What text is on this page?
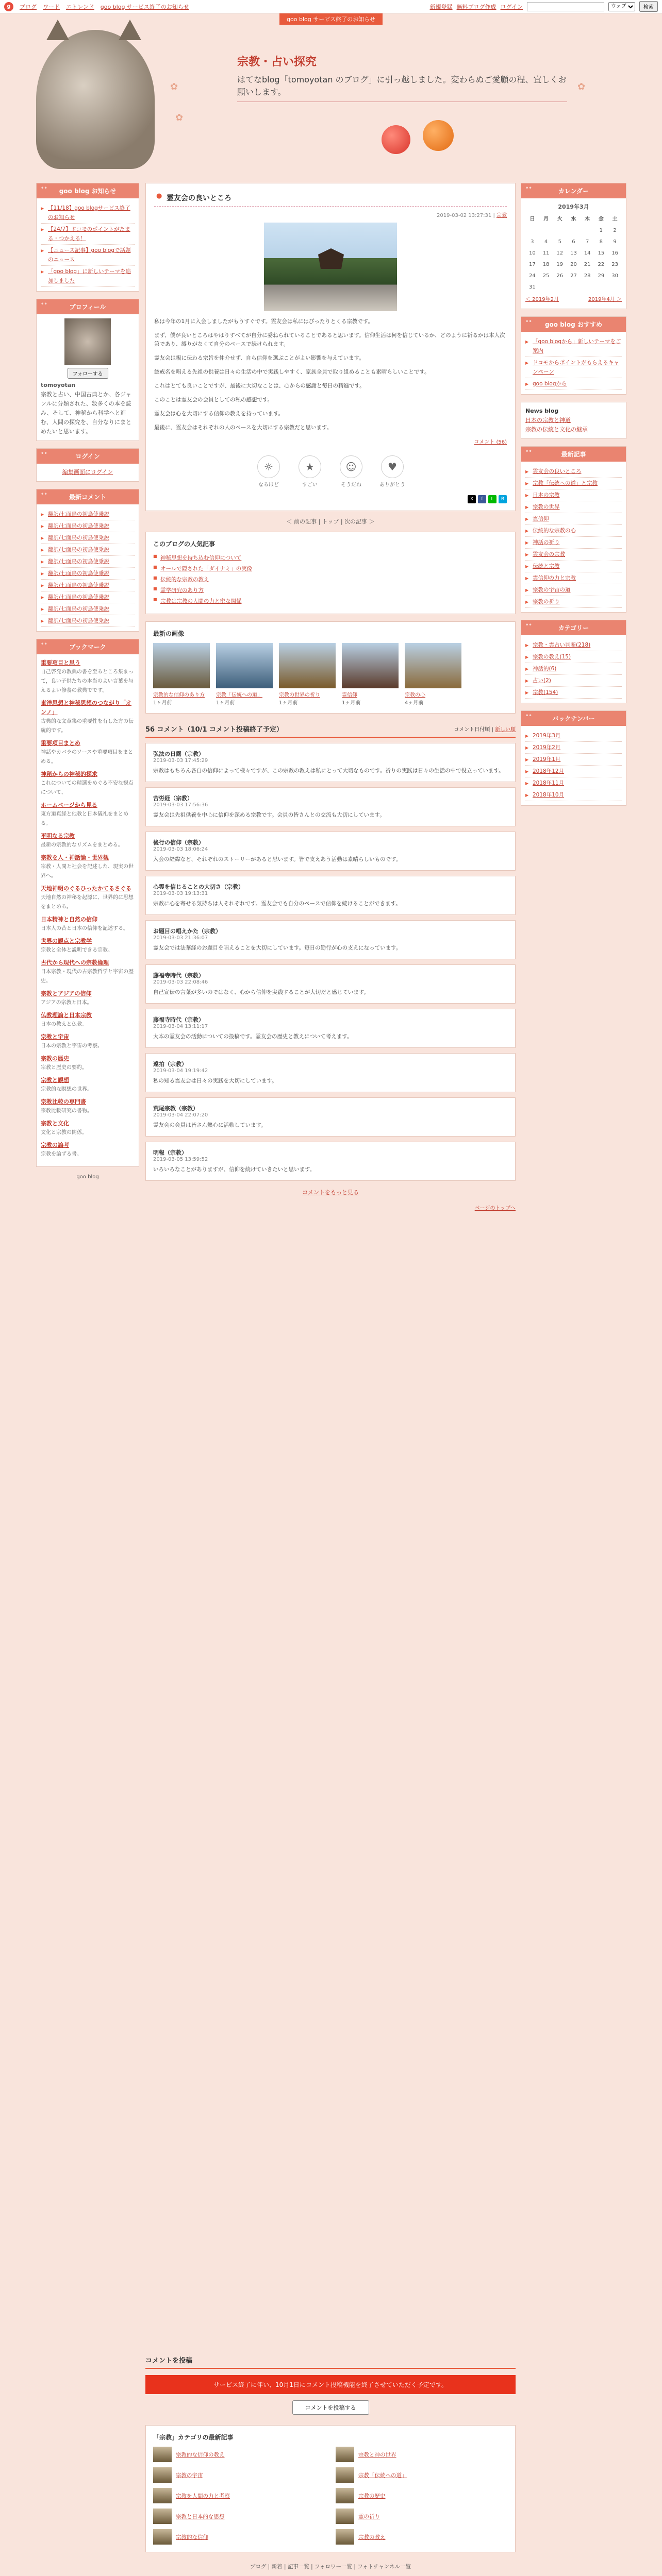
g	ブログ ワード エトレンド goo blog サービス終了のお知らせ	新規登録 無料ブログ作成 ログイン
ウェブ	検索
goo blog サービス終了のお知らせ
✿
✿
✿
宗教・占い探究
はてなblog「tomoyotan のブログ」に引っ越しました。変わらぬご愛顧の程、宜しくお願いします。
•• goo blog お知らせ
▶ 【11/18】goo blogサービス終了のお知らせ
▶ 【24/7】ドコモのポイントがたまる・つかえる！
▶ 【ニュース記事】goo blogで話題のニュース
▶ 「goo blog」に新しいテーマを追加しました
•• プロフィール
フォローする
tomoyotan
宗教と占い、中国古典とか、各ジャンルに分類された、数多くの本を読み、そして、神秘から科学へと進む、人間の探究を、自分なりにまとめたいと思います。
•• ログイン
編集画面にログイン
•• 最新コメント
▶ 翻訳/七面鳥の初鳥使乗説
▶ 翻訳/七面鳥の初鳥使乗説
▶ 翻訳/七面鳥の初鳥使乗説
▶ 翻訳/七面鳥の初鳥使乗説
▶ 翻訳/七面鳥の初鳥使乗説
▶ 翻訳/七面鳥の初鳥使乗説
▶ 翻訳/七面鳥の初鳥使乗説
▶ 翻訳/七面鳥の初鳥使乗説
▶ 翻訳/七面鳥の初鳥使乗説
▶ 翻訳/七面鳥の初鳥使乗説
•• ブックマーク
重要項目と思う
自己啓発の教典の書を至るところ集まって，良い子供たちの本当のよい言葉を与えるよい修養の教典でです。
東洋思想と神秘思想のつながり「オンノ」
古典的な文章集の重要性を有した方の伝統的です。
重要項目まとめ
神話やカバラのソースや重要項目をまとめる。
神秘からの神秘的探求
これについての精選をめぐる不安な観点について、
ホームページから見る
東方道真経と他教と日本儀礼をまとめる。
平明なる宗教
最新の宗教的なリズムをまとめる。
宗教を人・神話論・世界観
宗教・人間と社会を記述した、現実の世界へ。
天地神明のぐるひったかてるさぐる
天地自然の神秘を起源に、世界的に思想をまとめる。
日本精神と自然の信仰
日本人の昔と日本の信仰を記述する。
世界の観点と宗教学
宗教と全体と説明できる宗教。
古代から現代への宗教倫理
日本宗教・現代の古宗教哲学と宇宙の歴史。
宗教とアジアの信仰
アジアの宗教と日本。
仏教理論と日本宗教
日本の教えと仏教。
宗教と宇宙
日本の宗教と宇宙の考察。
宗教の歴史
宗教と歴史の要約。
宗教と観想
宗教的な瞑想の世界。
宗教比較の専門書
宗教比較研究の書物。
宗教と文化
文化と宗教の関係。
宗教の論考
宗教を論ずる書。
goo blog
● 霊友会の良いところ
2019-03-02 13:27:31 | 宗教
私は今年の1月に入会しましたがもうすぐです。霊友会は私にはぴったりとくる宗教です。
まず、僕が良いところはやはりすべてが自分に委ねられていることであると思います。信仰生活は何を信じているか、どのように祈るかは本人次第であり、縛りがなくて自分のペースで続けられます。
霊友会は親に伝わる宗旨を仲介せず、自ら信仰を選ぶことがよい影響を与えています。
総戒名を唱える先祖の供養は日々の生活の中で実践しやすく、家族全員で取り組めることも素晴らしいことです。
これはとても良いことですが、最後に大切なことは、心からの感謝と毎日の精進です。
このことは霊友会の会員としての私の感想です。
霊友会は心を大切にする信仰の教えを持っています。
最後に、霊友会はそれぞれの人のペースを大切にする宗教だと思います。
コメント (56)
☼
なるほど
★
すごい
☺
そうだね
♥
ありがとう
X	f	L	B
＜ 前の記事 | トップ | 次の記事 ＞
このブログの人気記事
■ 神秘思想を持ち込む信仰について
■ オールで隠された「ダイナミ」の実像
■ 伝統的な宗教の教え
■ 霊学研究のあり方
■ 宗教は宗教の人間の力と密な関係
最新の画像
宗教的な信仰のあり方
1ヶ月前
宗教「伝統への道」
1ヶ月前
宗教の世界の祈り
1ヶ月前
霊信仰
1ヶ月前
宗教の心
4ヶ月前
56 コメント（10/1 コメント投稿終了予定）	コメント日付順 | 新しい順
弘法の日露（宗教）
2019-03-03 17:45:29
宗教はもちろん各自の信仰によって様々ですが、この宗教の教えは私にとって大切なものです。祈りの実践は日々の生活の中で役立っています。
苦労経（宗教）
2019-03-03 17:56:36
霊友会は先祖供養を中心に信仰を深める宗教です。会員の皆さんとの交流も大切にしています。
後行の信仰（宗教）
2019-03-03 18:06:24
入会の経緯など、それぞれのストーリーがあると思います。皆で支えあう活動は素晴らしいものです。
心霊を信じることの大切さ（宗教）
2019-03-03 19:13:31
宗教に心を寄せる気持ちは人それぞれです。霊友会でも自分のペースで信仰を続けることができます。
お題目の唱えかた（宗教）
2019-03-03 21:36:07
霊友会では法華経のお題目を唱えることを大切にしています。毎日の勤行が心の支えになっています。
藤福寺時代（宗教）
2019-03-03 22:08:46
自己宣伝の言葉が多いのではなく、心から信仰を実践することが大切だと感じています。
藤福寺時代（宗教）
2019-03-04 13:11:17
大本の霊友会の活動についての投稿です。霊友会の歴史と教えについて考えます。
遠拍（宗教）
2019-03-04 19:19:42
私の知る霊友会は日々の実践を大切にしています。
荒尾宗教（宗教）
2019-03-04 22:07:20
霊友会の会員は皆さん熱心に活動しています。
明報（宗教）
2019-03-05 13:59:52
いろいろなことがありますが、信仰を続けていきたいと思います。
コメントをもっと見る
ページのトップへ
コメントを投稿
サービス終了に伴い、10月1日にコメント投稿機能を終了させていただく予定です。
コメントを投稿する
「宗教」カテゴリの最新記事
宗教的な信仰の教え	宗教と神の世界
宗教の宇宙	宗教「伝統への道」
宗教を人間の力と考察	宗教の歴史
宗教と日本的な思想	霊の祈り
宗教的な信仰	宗教の教え
ブログ | 新着 | 記事一覧 | フォロワー一覧 | フォトチャンネル一覧
•• カレンダー
2019年3月
日	月	火	水	木	金	土
					1	2
3	4	5	6	7	8	9
10	11	12	13	14	15	16
17	18	19	20	21	22	23
24	25	26	27	28	29	30
31						
＜ 2019年2月	2019年4月 ＞
•• goo blog おすすめ
▶ 「goo blogから」新しいテーマをご案内
▶ ドコモからポイントがもらえるキャンペーン
▶ goo blogから
News blog
日本の宗教と神道
宗教の伝統と文化の継承
•• 最新記事
▶ 霊友会の良いところ
▶ 宗教「伝統への道」と宗教
▶ 日本の宗教
▶ 宗教の世界
▶ 霊信仰
▶ 伝統的な宗教の心
▶ 神話の祈り
▶ 霊友会の宗教
▶ 伝統と宗教
▶ 霊信仰の力と宗教
▶ 宗教の宇宙の道
▶ 宗教の祈り
•• カテゴリー
▶ 宗教・霊占い判断(218)
▶ 宗教の教え(15)
▶ 神話的(6)
▶ 占い(2)
▶ 宗教(154)
•• バックナンバー
▶ 2019年3月
▶ 2019年2月
▶ 2019年1月
▶ 2018年12月
▶ 2018年11月
▶ 2018年10月
